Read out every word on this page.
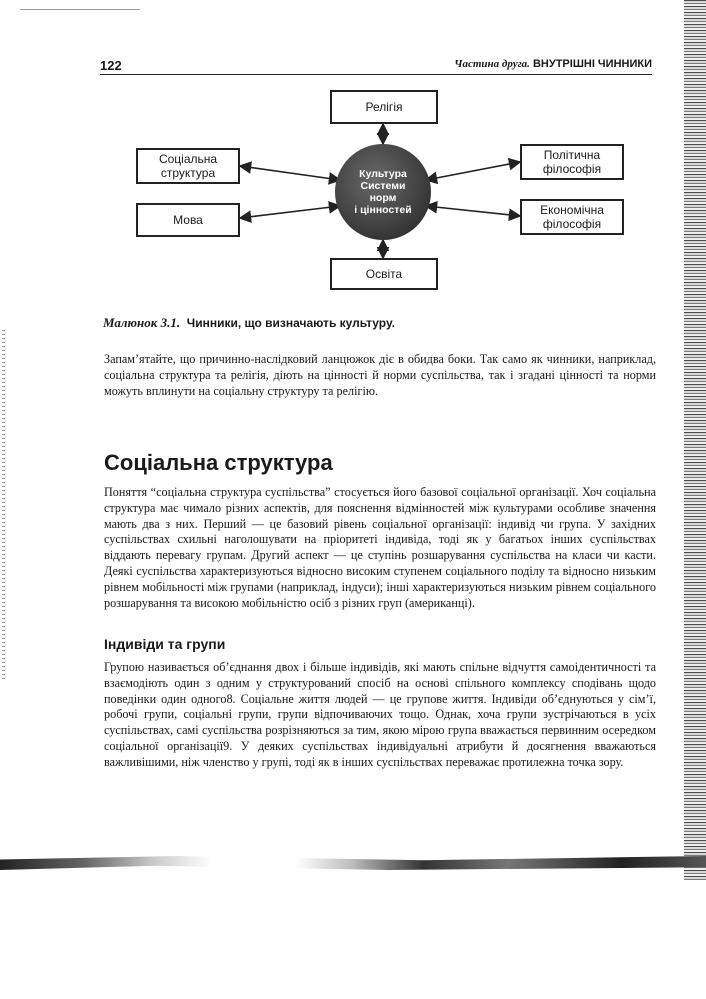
122	Частина друга. ВНУТРІШНІ ЧИННИКИ
Релігія
Соціальна структура
Мова
Політична філософія
Економічна філософія
Освіта
Культура
Системи
норм
і цінностей
Малюнок 3.1. Чинники, що визначають культуру.

Запам’ятайте, що причинно-наслідковий ланцюжок діє в обидва боки. Так само як чинники, наприклад, соціальна структура та релігія, діють на цінності й норми суспільства, так і згадані цінності та норми можуть вплинути на соціальну структуру та релігію.

Соціальна структура

Поняття “соціальна структура суспільства” стосується його базової соціальної організації. Хоч соціальна структура має чимало різних аспектів, для пояснення відмінностей між культурами особливе значення мають два з них. Перший — це базовий рівень соціальної організації: індивід чи група. У західних суспільствах схильні наголошувати на пріоритеті індивіда, тоді як у багатьох інших суспільствах віддають перевагу групам. Другий аспект — це ступінь розшарування суспільства на класи чи касти. Деякі суспільства характеризуються відносно високим ступенем соціального поділу та відносно низьким рівнем мобільності між групами (наприклад, індуси); інші характеризуються низьким рівнем соціального розшарування та високою мобільністю осіб з різних груп (американці).

Індивіди та групи

Групою називається об’єднання двох і більше індивідів, які мають спільне відчуття самоідентичності та взаємодіють один з одним у структурований спосіб на основі спільного комплексу сподівань щодо поведінки один одного8. Соціальне життя людей — це групове життя. Індивіди об’єднуються у сім’ї, робочі групи, соціальні групи, групи відпочиваючих тощо. Однак, хоча групи зустрічаються в усіх суспільствах, самі суспільства розрізняються за тим, якою мірою група вважається первинним осередком соціальної організації9. У деяких суспільствах індивідуальні атрибути й досягнення вважаються важливішими, ніж членство у групі, тоді як в інших суспільствах переважає протилежна точка зору.
